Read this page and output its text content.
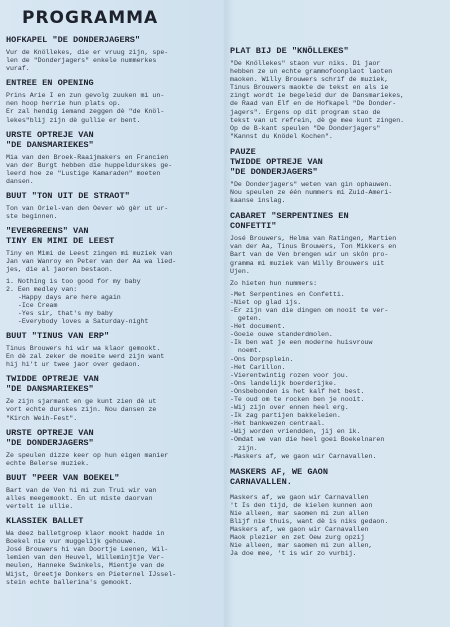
PROGRAMMA
HOFKAPEL "DE DONDERJAGERS"
Vur de Knöllekes, die er vruug zijn, spe-
len de "Donderjagers" enkele nummerkes
vuraf.
ENTREE EN OPENING
Prins Arie I en zun gevolg zuuken mi un-
nen hoop herrie hun plats op.
Er zal hendig iemand zeggen dè "de Knöl-
lekes"blij zijn dè gullie er bent.
URSTE OPTREJE VAN
"DE DANSMARIEKES"
Mia van den Broek-Raaijmakers en Francien
van der Burgt hebben die huppeldurskes ge-
leerd hoe ze "Lustige Kamaraden" moeten
dansen.
BUUT "TON UIT DE STRAOT"
Ton van Oriel-van den Oever wò gèr ut ur-
ste beginnen.
"EVERGREENS" VAN
TINY EN MIMI DE LEEST
Tiny en Mimi de Leest zingen mi muziek van
Jan van Wanroy en Peter van der Aa wa lied-
jes, die al jaoren bestaon.
1. Nothing is too good for my baby
2. Een medley van:
-Happy days are here again
-Ice Cream
-Yes sir, that's my baby
-Everybody loves a Saturday-night
BUUT "TINUS VAN ERP"
Tinus Brouwers hi wir wa klaor gemookt.
En dè zal zeker de moeite werd zijn want
hij hi't ur twee jaor over gedaon.
TWIDDE OPTREJE VAN
"DE DANSMARIEKES"
Ze zijn sjarmant en ge kunt zien dè ut
vort echte durskes zijn. Nou dansen ze
"Kirch Weih-Fest".
URSTE OPTREJE VAN
"DE DONDERJAGERS"
Ze speulen dizze keer op hun eigen manier
echte Belerse muziek.
BUUT "PEER VAN BOEKEL"
Bart van de Ven hi mi zun Trui wir van
alles meegemookt. En ut miste daorvan
vertelt ie ullie.
KLASSIEK BALLET
Wa deez balletgroep klaor mookt hadde in
Boekel nie vur muggelijk gehouwe.
José Brouwers hi van Doortje Leenen, Wil-
lemien van den Heuvel, Willeminjtje Ver-
meulen, Hanneke Swinkels, Mientje van de
Wijst, Greetje Donkers en Pieternel IJssel-
stein echte ballerina's gemookt.
PLAT BIJ DE "KNÖLLEKES"
"De Knöllekes" staon vur niks. Di jaor
hebben ze un echte grammofoonplaot laoten
maoken. Willy Brouwers schrif de muziek,
Tinus Brouwers maokte de tekst en als ie
zingt wordt ie begeleid dur de Dansmariekes,
de Raad van Elf en de Hofkapel "De Donder-
jagers". Ergens op dit program stao de
tekst van ut refrein, dè ge mee kunt zingen.
Op de B-kant speulen "De Donderjagers"
"Kannst du Knödel Kochen".
PAUZE
TWIDDE OPTREJE VAN
"DE DONDERJAGERS"
"De Donderjagers" weten van gin ophauwen.
Nou speulen ze één nummers mi Zuid-Ameri-
kaanse inslag.
CABARET "SERPENTINES EN
CONFETTI"
José Brouwers, Helma van Ratingen, Martien
van der Aa, Tinus Brouwers, Ton Mikkers en
Bart van de Ven brengen wir un skôn pro-
gramma mi muziek van Willy Brouwers uit
Ujen.
Zo hieten hun nummers:
-Met Serpentines en Confetti.
-Niet op glad ijs.
-Er zijn van die dingen om nooit te ver-
geten.
-Het document.
-Goeie ouwe standerdmolen.
-Ik ben wat je een moderne huisvrouw
noemt.
-Ons Dorpsplein.
-Het Carillon.
-Vierentwintig rozen voor jou.
-Ons landelijk boerderijke.
-Onsbebonden is het kalf het best.
-Te oud om te rocken ben je nooit.
-Wij zijn over ennen heel erg.
-Ik zag partijen bakkeleien.
-Het bankwezen centraal.
-Wij worden vriendden, jij en ik.
-Omdat we van die heel goei Boekelnaren
zijn.
-Maskers af, we gaon wir Carnavallen.
MASKERS AF, WE GAON
CARNAVALLEN.
Maskers af, we gaon wir Carnavallen
't Is den tijd, de kielen kunnen aon
Nie alleen, mar saomen mi zun allen
Blijf nie thuis, want dè is niks gedaon.
Maskers af, we gaon wir Carnavallen
Maok plezier en zet Oew zurg opzij
Nie alleen, mar saomen mi zun allen,
Ja doe mee, 't is wir zo vurbij.
